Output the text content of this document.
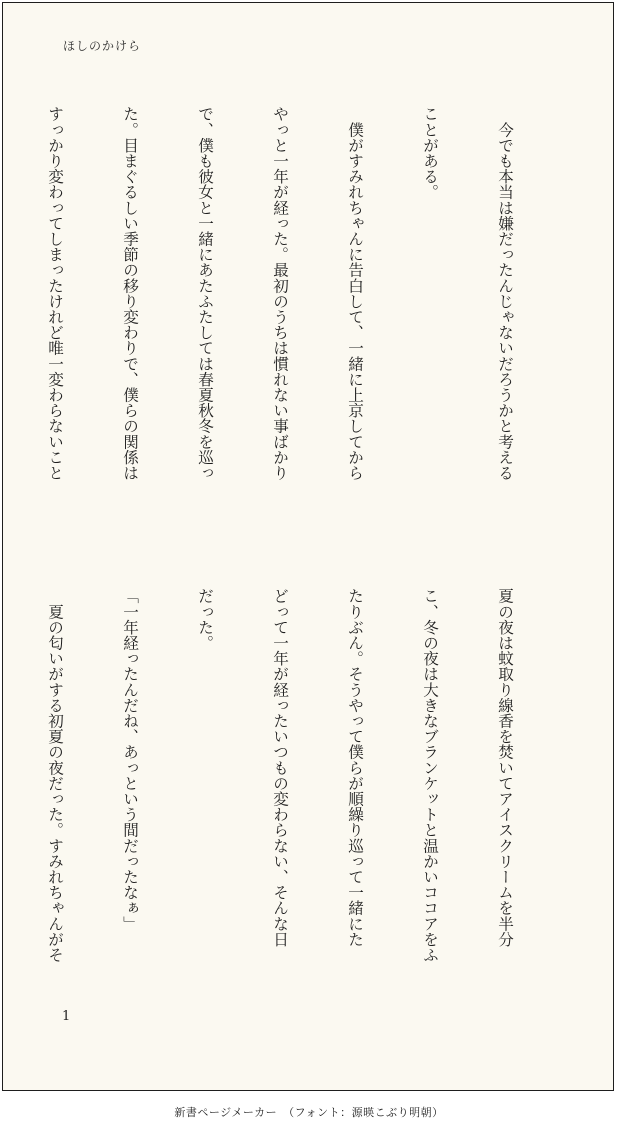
ほしのかけら

　今でも本当は嫌だったんじゃないだろうかと考える

ことがある。

　僕がすみれちゃんに告白して、一緒に上京してから

やっと一年が経った。最初のうちは慣れない事ばかり

で、僕も彼女と一緒にあたふたしては春夏秋冬を巡っ

た。目まぐるしい季節の移り変わりで、僕らの関係は

すっかり変わってしまったけれど唯一変わらないこと

夏の夜は蚊取り線香を焚いてアイスクリームを半分

こ、冬の夜は大きなブランケットと温かいココアをふ

たりぶん。そうやって僕らが順繰り巡って一緒にた

どって一年が経ったいつもの変わらない、そんな日

だった。

「一年経ったんだね、あっという間だったなぁ」

　夏の匂いがする初夏の夜だった。すみれちゃんがそ

1
新書ページメーカー　（フォント：源暎こぶり明朝）
